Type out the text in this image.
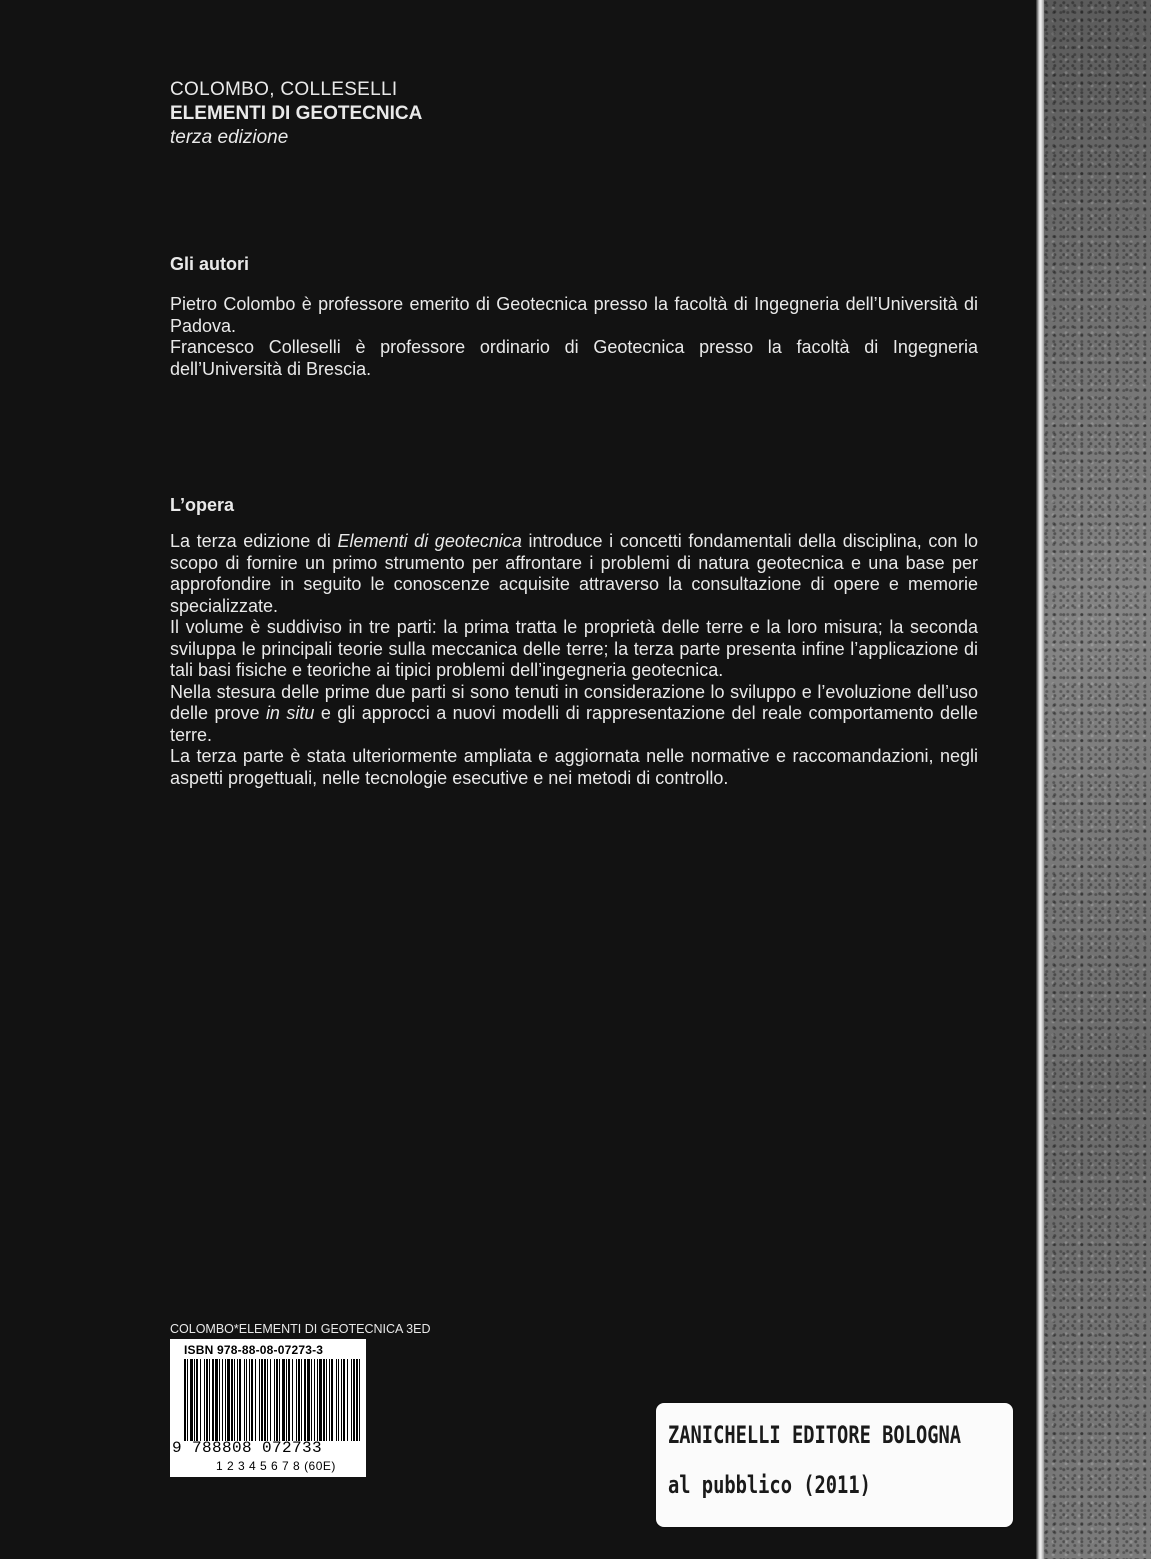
COLOMBO, COLLESELLI
ELEMENTI DI GEOTECNICA
terza edizione
Gli autori

Pietro Colombo è professore emerito di Geotecnica presso la facoltà di Ingegneria dell’Università di Padova.

Francesco Colleselli è professore ordinario di Geotecnica presso la facoltà di Ingegneria dell’Università di Brescia.

L’opera

La terza edizione di Elementi di geotecnica introduce i concetti fondamentali della disciplina, con lo scopo di fornire un primo strumento per affrontare i problemi di natura geotecnica e una base per approfondire in seguito le conoscenze acquisite attraverso la consultazione di opere e memorie specializzate.

Il volume è suddiviso in tre parti: la prima tratta le proprietà delle terre e la loro misura; la seconda sviluppa le principali teorie sulla meccanica delle terre; la terza parte presenta infine l’applicazione di tali basi fisiche e teoriche ai tipici problemi dell’ingegneria geotecnica.

Nella stesura delle prime due parti si sono tenuti in considerazione lo sviluppo e l’evoluzione dell’uso delle prove in situ e gli approcci a nuovi modelli di rappresentazione del reale comportamento delle terre.

La terza parte è stata ulteriormente ampliata e aggiornata nelle normative e raccomandazioni, negli aspetti progettuali, nelle tecnologie esecutive e nei metodi di controllo.

COLOMBO*ELEMENTI DI GEOTECNICA 3ED
ISBN 978-88-08-07273-3
9 788808 072733
1 2 3 4 5 6 7 8 (60E)
ZANICHELLI EDITORE BOLOGNA
al pubblico (2011)
